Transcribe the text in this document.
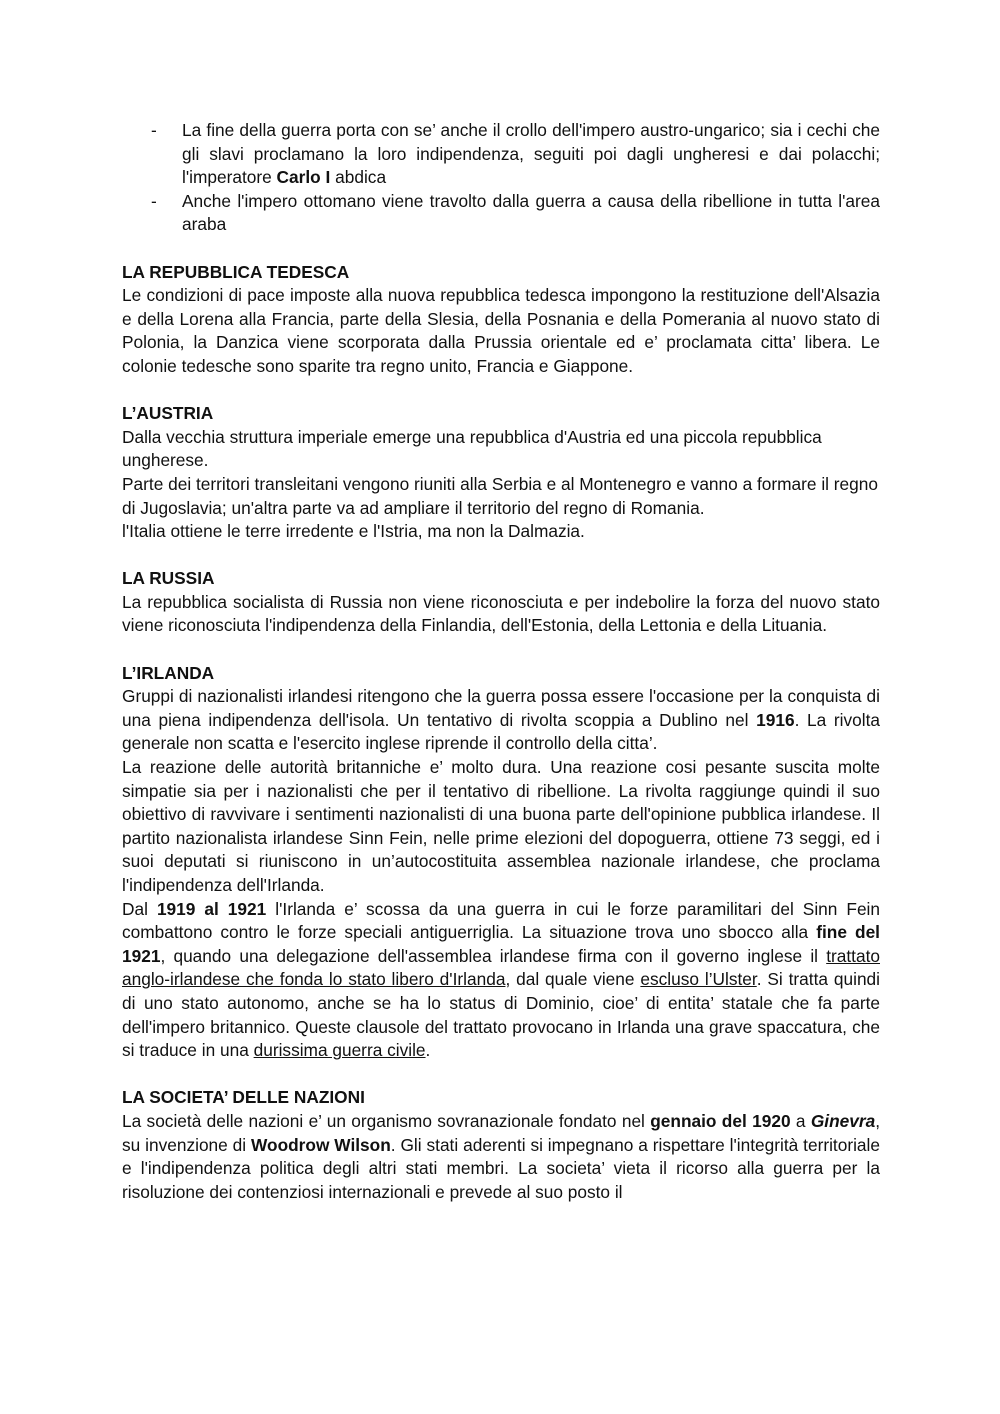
- La fine della guerra porta con se’ anche il crollo dell'impero austro-ungarico; sia i cechi che gli slavi proclamano la loro indipendenza, seguiti poi dagli ungheresi e dai polacchi; l'imperatore Carlo I abdica
- Anche l'impero ottomano viene travolto dalla guerra a causa della ribellione in tutta l'area araba
LA REPUBBLICA TEDESCA

Le condizioni di pace imposte alla nuova repubblica tedesca impongono la restituzione dell'Alsazia e della Lorena alla Francia, parte della Slesia, della Posnania e della Pomerania al nuovo stato di Polonia, la Danzica viene scorporata dalla Prussia orientale ed e’ proclamata citta’ libera. Le colonie tedesche sono sparite tra regno unito, Francia e Giappone.

L’AUSTRIA

Dalla vecchia struttura imperiale emerge una repubblica d'Austria ed una piccola repubblica ungherese.

Parte dei territori transleitani vengono riuniti alla Serbia e al Montenegro e vanno a formare il regno di Jugoslavia; un'altra parte va ad ampliare il territorio del regno di Romania.

l'Italia ottiene le terre irredente e l'Istria, ma non la Dalmazia.

LA RUSSIA

La repubblica socialista di Russia non viene riconosciuta e per indebolire la forza del nuovo stato viene riconosciuta l'indipendenza della Finlandia, dell'Estonia, della Lettonia e della Lituania.

L’IRLANDA

Gruppi di nazionalisti irlandesi ritengono che la guerra possa essere l'occasione per la conquista di una piena indipendenza dell'isola. Un tentativo di rivolta scoppia a Dublino nel 1916. La rivolta generale non scatta e l'esercito inglese riprende il controllo della citta’.

La reazione delle autorità britanniche e’ molto dura. Una reazione cosi pesante suscita molte simpatie sia per i nazionalisti che per il tentativo di ribellione. La rivolta raggiunge quindi il suo obiettivo di ravvivare i sentimenti nazionalisti di una buona parte dell'opinione pubblica irlandese. Il partito nazionalista irlandese Sinn Fein, nelle prime elezioni del dopoguerra, ottiene 73 seggi, ed i suoi deputati si riuniscono in un’autocostituita assemblea nazionale irlandese, che proclama l'indipendenza dell'Irlanda.

Dal 1919 al 1921 l'Irlanda e’ scossa da una guerra in cui le forze paramilitari del Sinn Fein combattono contro le forze speciali antiguerriglia. La situazione trova uno sbocco alla fine del 1921, quando una delegazione dell'assemblea irlandese firma con il governo inglese il trattato anglo-irlandese che fonda lo stato libero d'Irlanda, dal quale viene escluso l’Ulster. Si tratta quindi di uno stato autonomo, anche se ha lo status di Dominio, cioe’ di entita’ statale che fa parte dell'impero britannico. Queste clausole del trattato provocano in Irlanda una grave spaccatura, che si traduce in una durissima guerra civile.

LA SOCIETA’ DELLE NAZIONI

La società delle nazioni e’ un organismo sovranazionale fondato nel gennaio del 1920 a Ginevra, su invenzione di Woodrow Wilson. Gli stati aderenti si impegnano a rispettare l'integrità territoriale e l'indipendenza politica degli altri stati membri. La societa’ vieta il ricorso alla guerra per la risoluzione dei contenziosi internazionali e prevede al suo posto il
